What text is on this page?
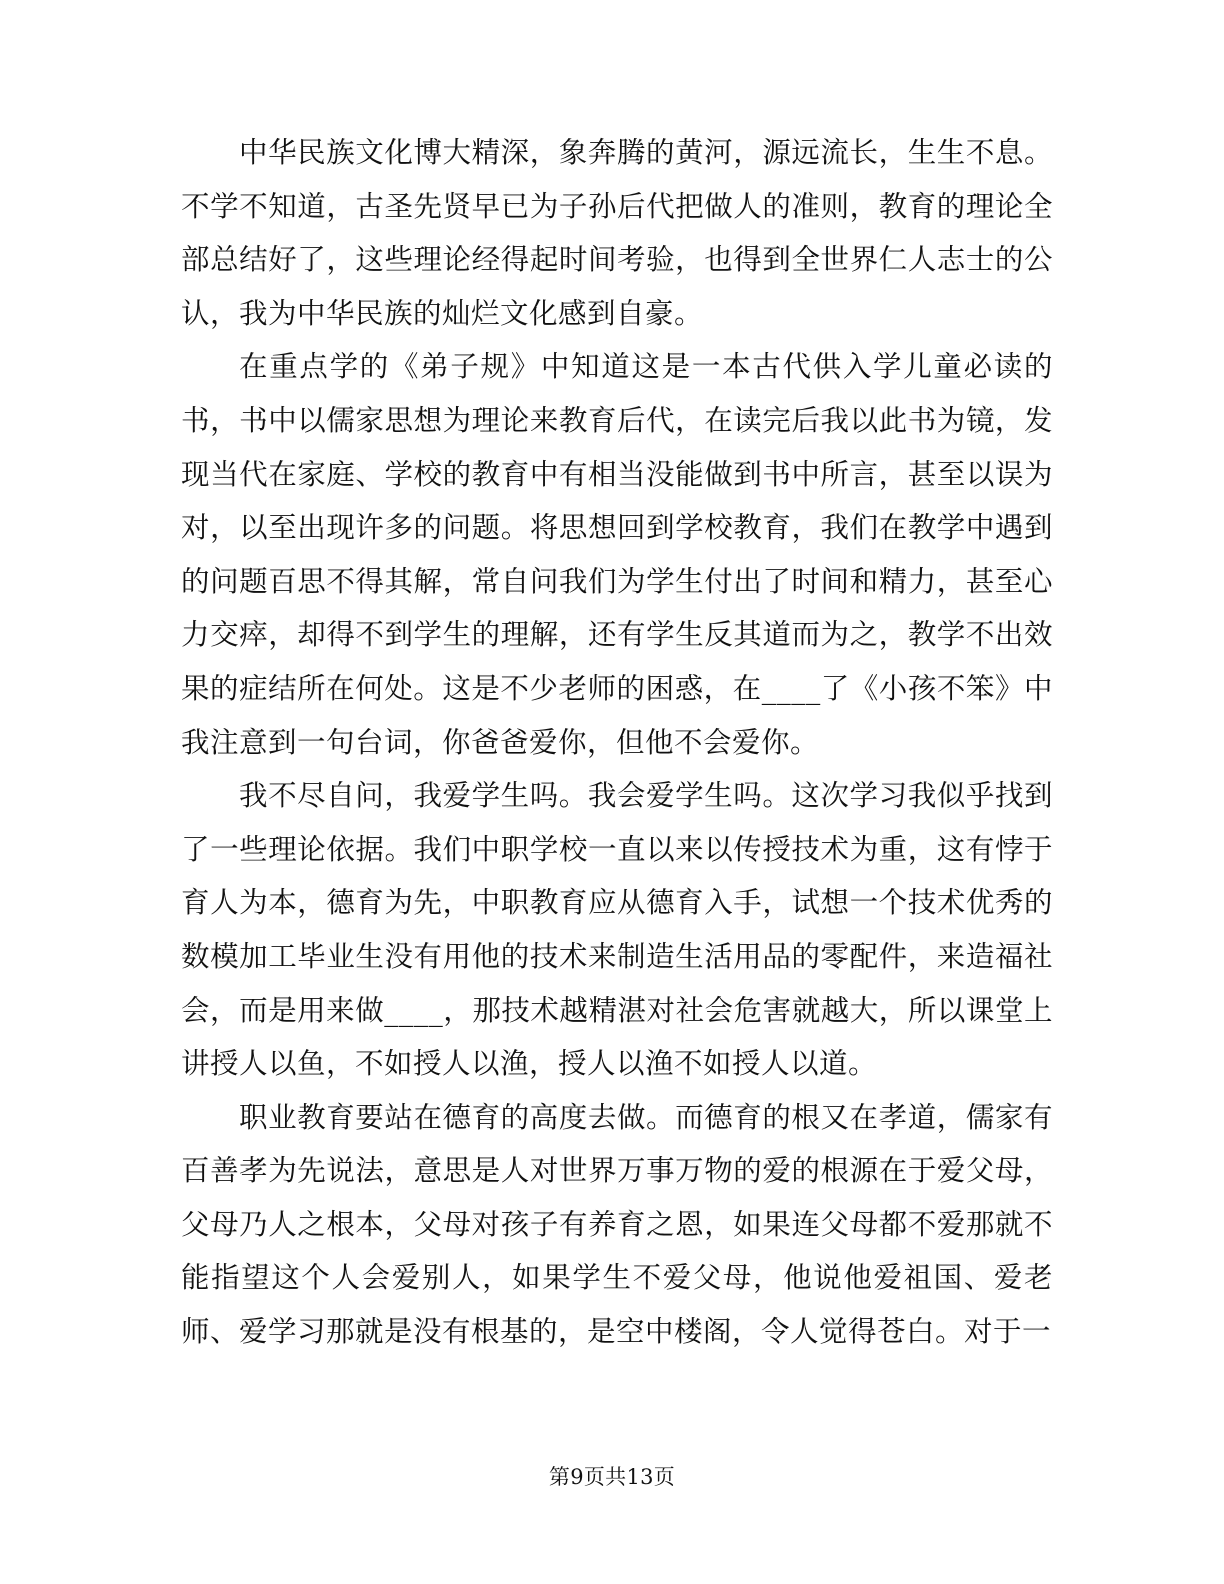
中华民族文化博大精深，象奔腾的黄河，源远流长，生生不息。不学不知道，古圣先贤早已为子孙后代把做人的准则，教育的理论全部总结好了，这些理论经得起时间考验，也得到全世界仁人志士的公认，我为中华民族的灿烂文化感到自豪。

在重点学的《弟子规》中知道这是一本古代供入学儿童必读的书，书中以儒家思想为理论来教育后代，在读完后我以此书为镜，发现当代在家庭、学校的教育中有相当没能做到书中所言，甚至以误为对，以至出现许多的问题。将思想回到学校教育，我们在教学中遇到的问题百思不得其解，常自问我们为学生付出了时间和精力，甚至心力交瘁，却得不到学生的理解，还有学生反其道而为之，教学不出效果的症结所在何处。这是不少老师的困惑，在____了《小孩不笨》中我注意到一句台词，你爸爸爱你，但他不会爱你。

我不尽自问，我爱学生吗。我会爱学生吗。这次学习我似乎找到了一些理论依据。我们中职学校一直以来以传授技术为重，这有悖于育人为本，德育为先，中职教育应从德育入手，试想一个技术优秀的数模加工毕业生没有用他的技术来制造生活用品的零配件，来造福社会，而是用来做____，那技术越精湛对社会危害就越大，所以课堂上讲授人以鱼，不如授人以渔，授人以渔不如授人以道。

职业教育要站在德育的高度去做。而德育的根又在孝道，儒家有百善孝为先说法，意思是人对世界万事万物的爱的根源在于爱父母，父母乃人之根本，父母对孩子有养育之恩，如果连父母都不爱那就不能指望这个人会爱别人，如果学生不爱父母，他说他爱祖国、爱老师、爱学习那就是没有根基的，是空中楼阁，令人觉得苍白。对于一

第9页共13页
